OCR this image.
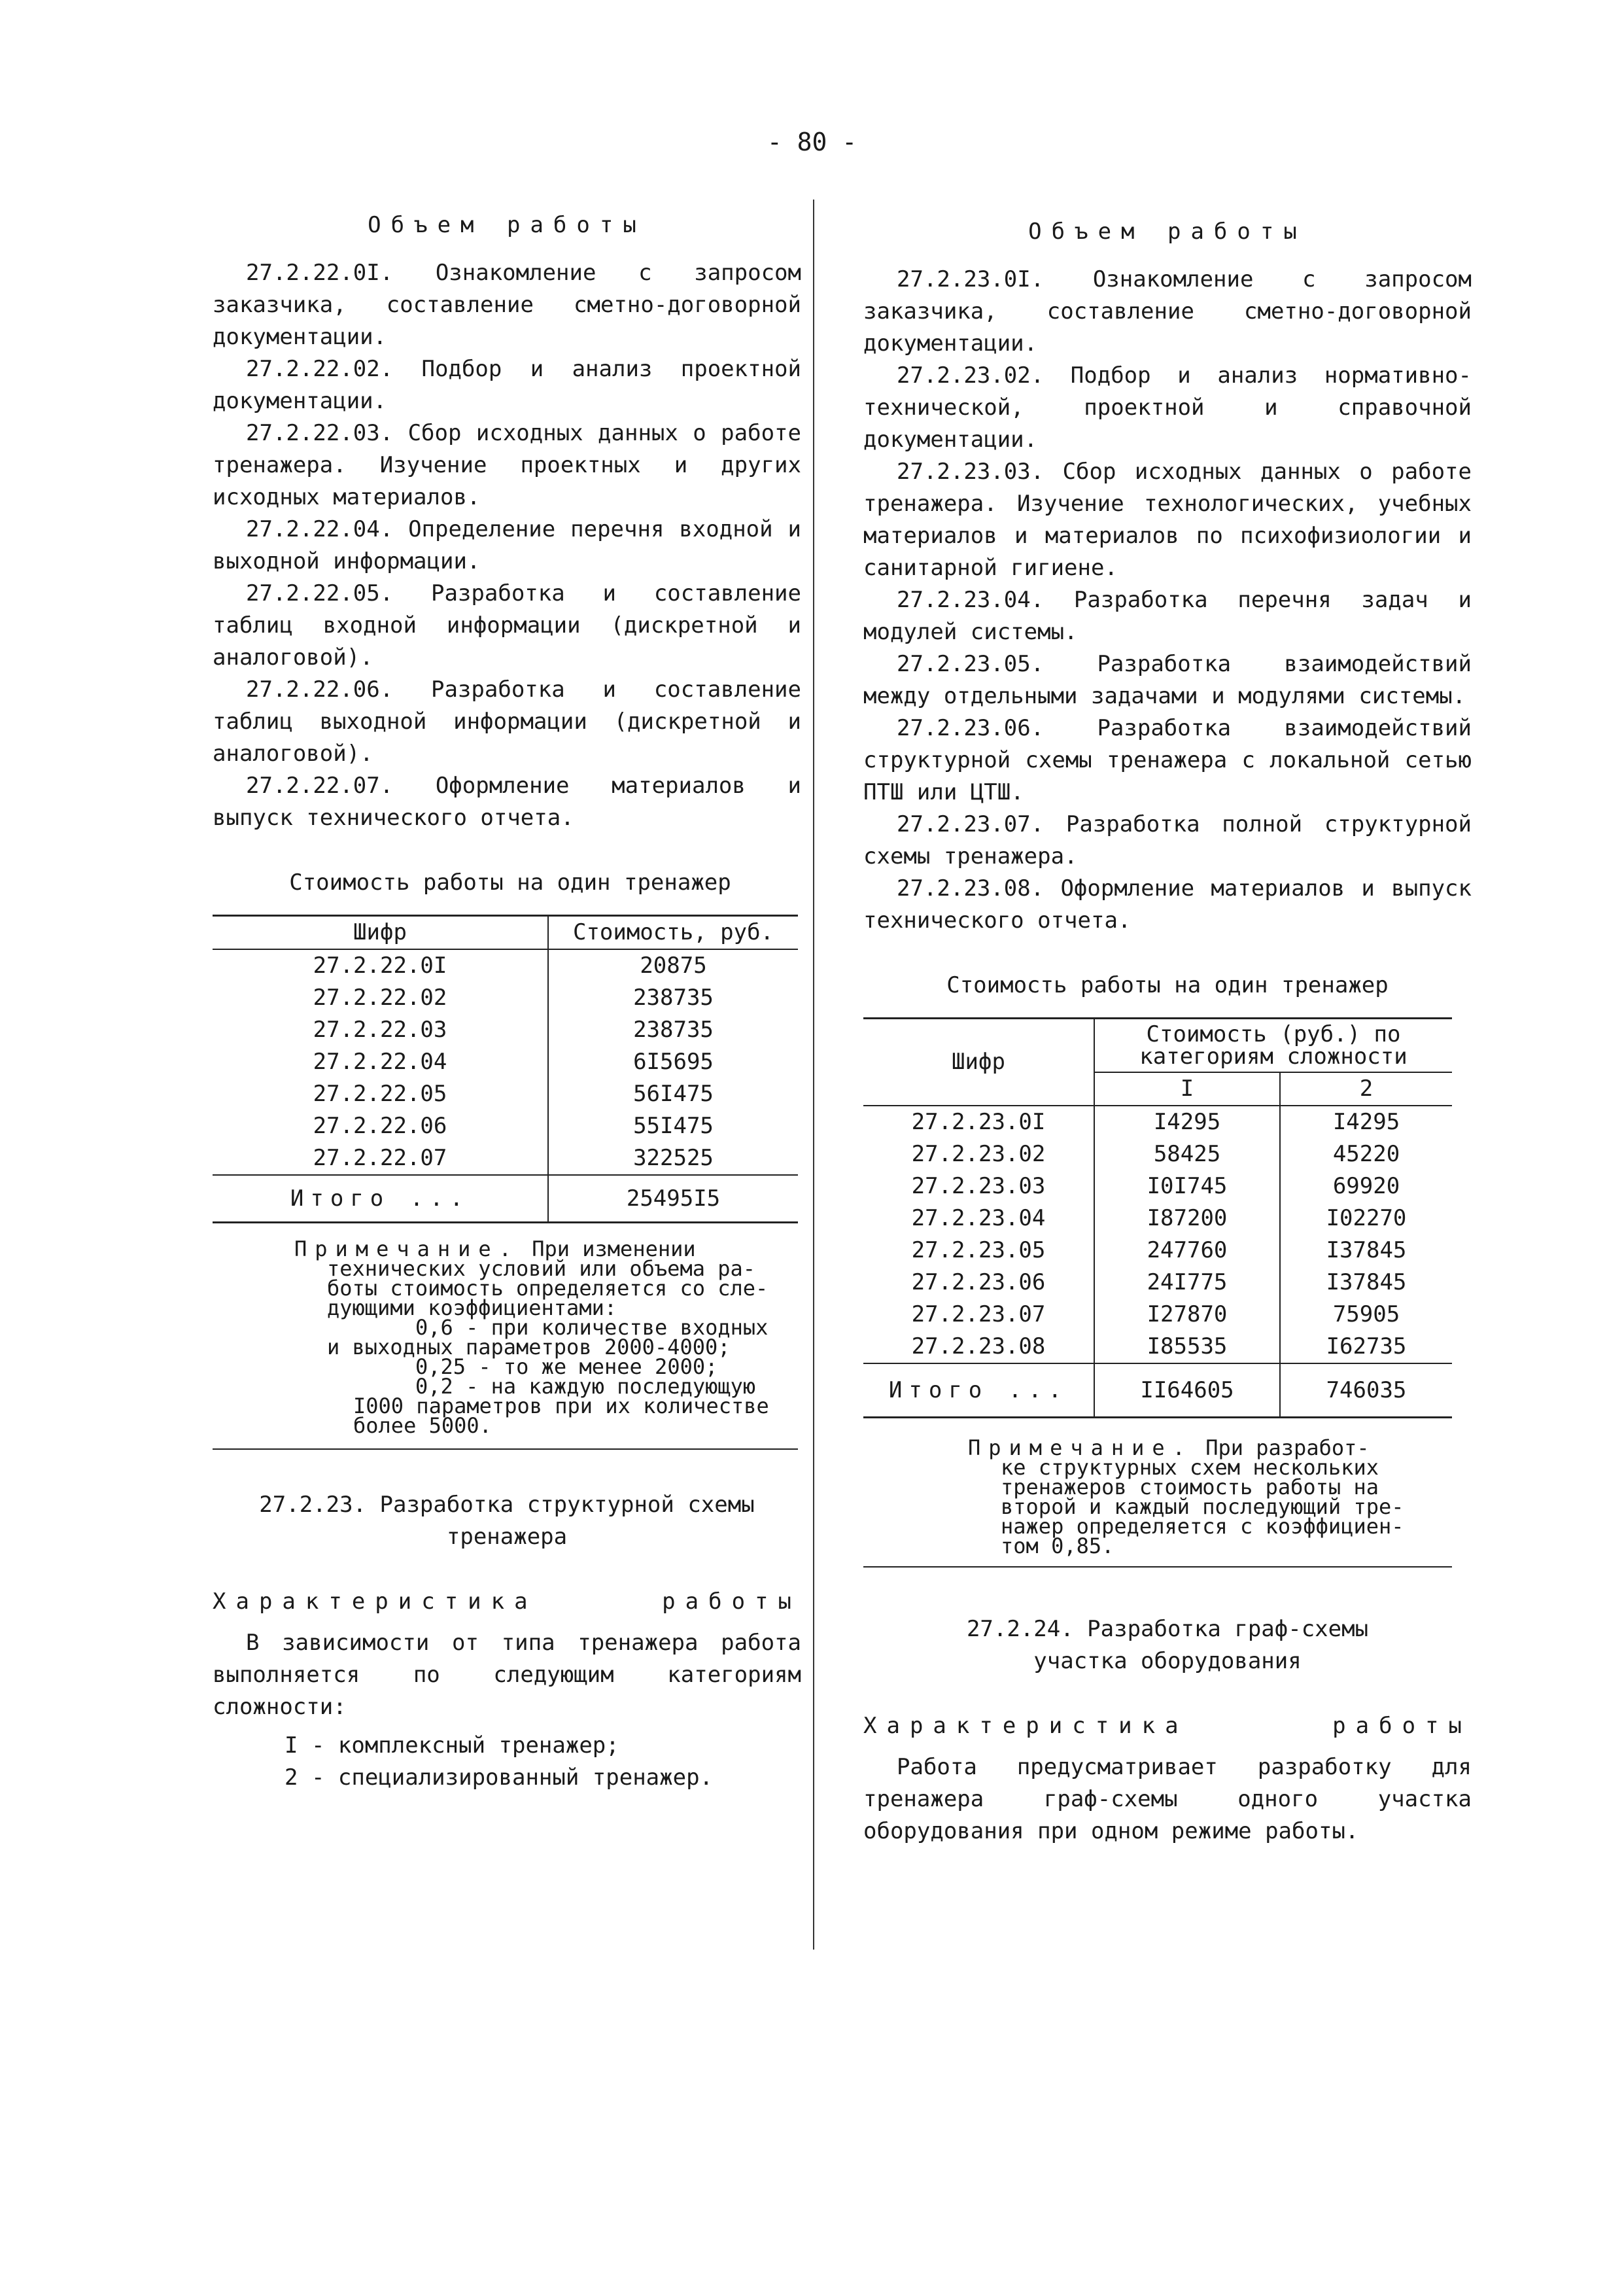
- 80 -
Объем работы

27.2.22.0I. Ознакомление с запросом заказчика, составление сметно-договорной документации.

27.2.22.02. Подбор и анализ проектной документации.

27.2.22.03. Сбор исходных данных о работе тренажера. Изучение проектных и других исходных материалов.

27.2.22.04. Определение перечня входной и выходной информации.

27.2.22.05. Разработка и составление таблиц входной информации (дискретной и аналоговой).

27.2.22.06. Разработка и составление таблиц выходной информации (дискретной и аналоговой).

27.2.22.07. Оформление материалов и выпуск технического отчета.

Стоимость работы на один тренажер
Шифр	Стоимость, руб.
27.2.22.0I	20875
27.2.22.02	238735
27.2.22.03	238735
27.2.22.04	6I5695
27.2.22.05	56I475
27.2.22.06	55I475
27.2.22.07	322525
Итого ...	25495I5
Примечание. При изменении
технических условий или объема ра-
боты стоимость определяется со сле-
дующими коэффициентами:
0,6 - при количестве входных
и выходных параметров 2000-4000;
0,25 - то же менее 2000;
0,2 - на каждую последующую
I000 параметров при их количестве
более 5000.
27.2.23. Разработка структурной схемы
тренажера
Характеристика	работы

В зависимости от типа тренажера работа выполняется по следующим категориям сложности:

I - комплексный тренажер;
2 - специализированный тренажер.
Объем работы

27.2.23.0I. Ознакомление с запросом заказчика, составление сметно-договорной документации.

27.2.23.02. Подбор и анализ нормативно-технической, проектной и справочной документации.

27.2.23.03. Сбор исходных данных о работе тренажера. Изучение технологических, учебных материалов и материалов по психофизиологии и санитарной гигиене.

27.2.23.04. Разработка перечня задач и модулей системы.

27.2.23.05. Разработка взаимодействий между отдельными задачами и модулями системы.

27.2.23.06. Разработка взаимодействий структурной схемы тренажера с локальной сетью ПТШ или ЦТШ.

27.2.23.07. Разработка полной структурной схемы тренажера.

27.2.23.08. Оформление материалов и выпуск технического отчета.

Стоимость работы на один тренажер
Шифр	Стоимость (руб.) по категориям сложности	
	I	2
27.2.23.0I	I4295	I4295
27.2.23.02	58425	45220
27.2.23.03	I0I745	69920
27.2.23.04	I87200	I02270
27.2.23.05	247760	I37845
27.2.23.06	24I775	I37845
27.2.23.07	I27870	75905
27.2.23.08	I85535	I62735
Итого ...	II64605	746035
Примечание. При разработ-
ке структурных схем нескольких
тренажеров стоимость работы на
второй и каждый последующий тре-
нажер определяется с коэффициен-
том 0,85.
27.2.24. Разработка граф-схемы
участка оборудования
Характеристика	работы

Работа предусматривает разработку для тренажера граф-схемы одного участка оборудования при одном режиме работы.
